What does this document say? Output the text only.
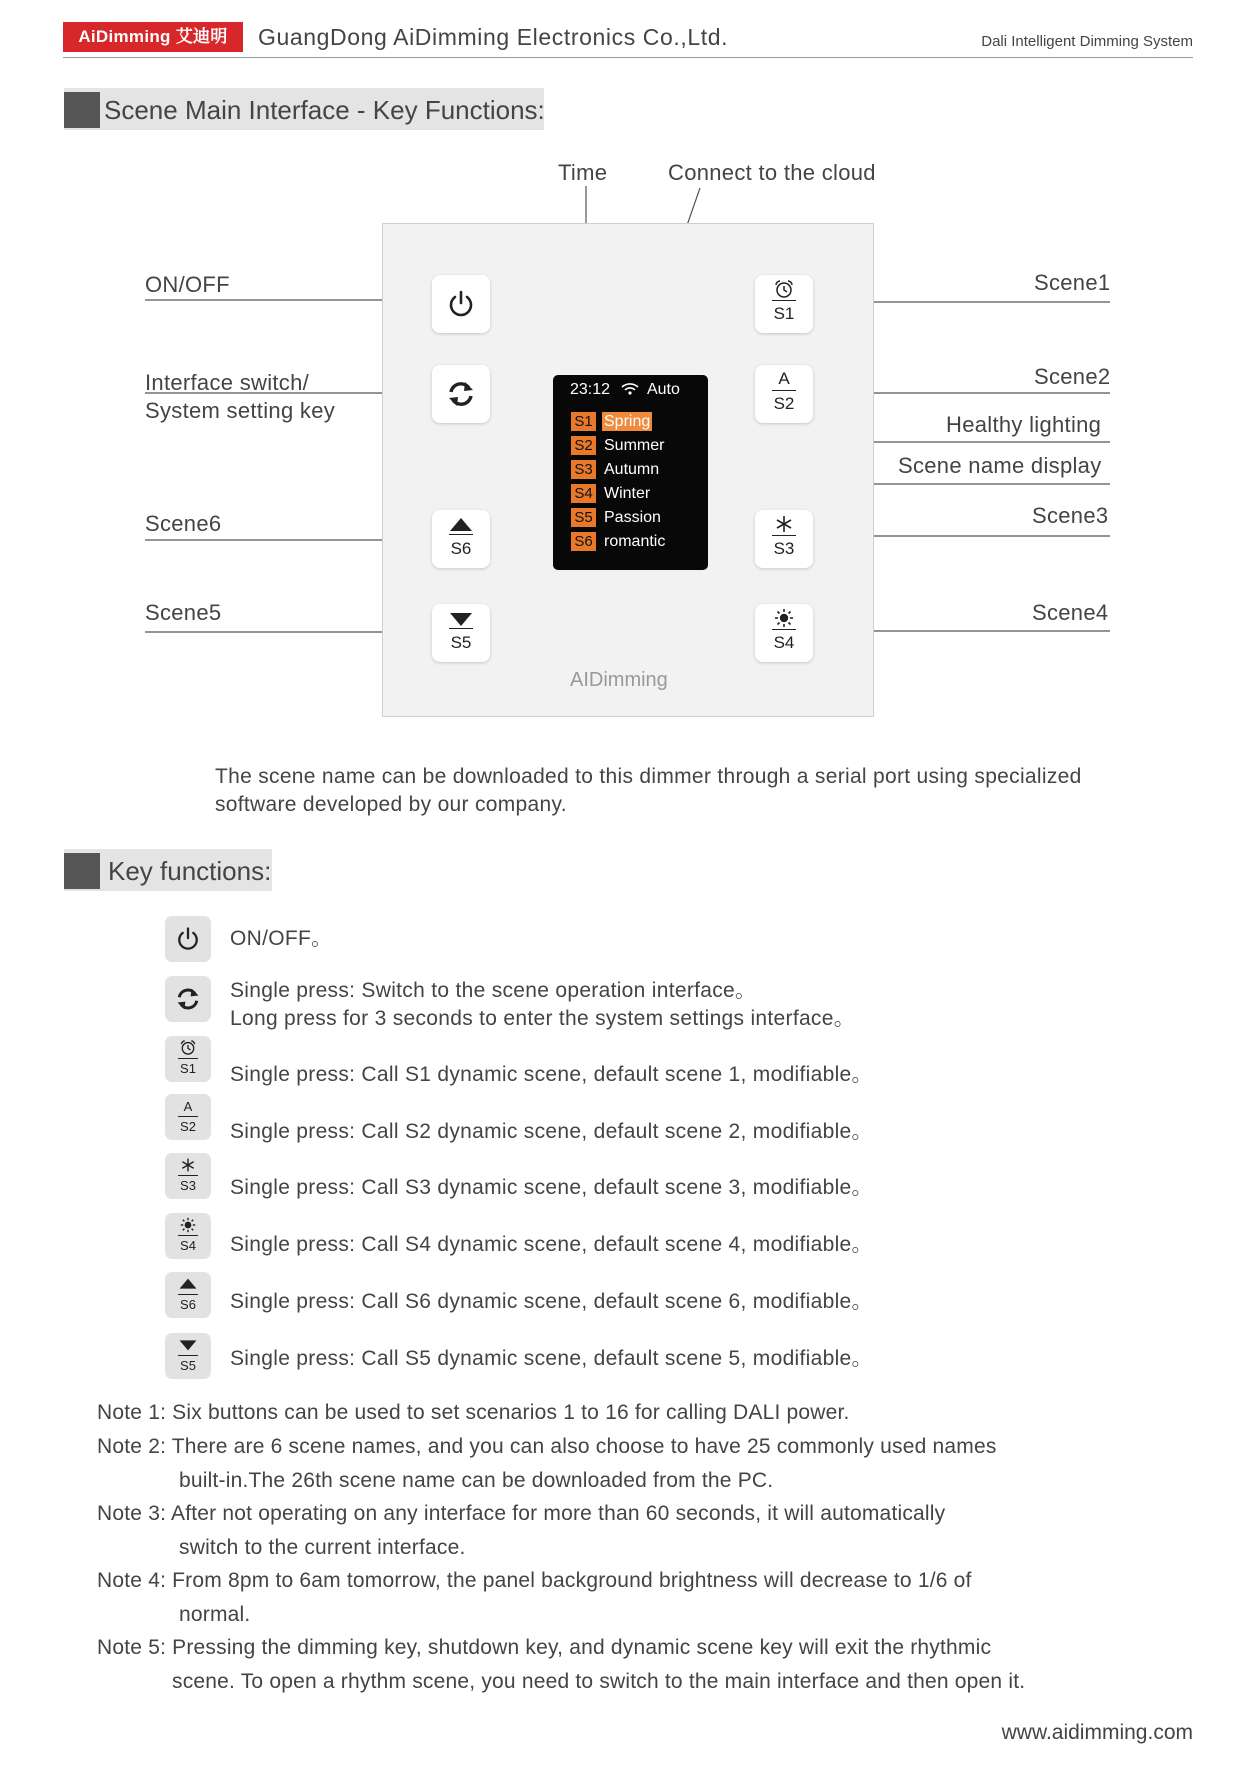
AiDimming 艾迪明	GuangDong AiDimming Electronics Co.,Ltd.	Dali Intelligent Dimming System
Scene Main Interface - Key Functions:
Time	Connect to the cloud
ON/OFF
Interface switch/
System setting key
Scene6
Scene5
Scene1
Scene2
Healthy lighting
Scene name display
Scene3
Scene4
S6
S5
S1
A
S2
S3
S4
23:12 Auto
S1 Spring
S2 Summer
S3 Autumn
S4 Winter
S5 Passion
S6 romantic
AIDimming
The scene name can be downloaded to this dimmer through a serial port using specialized software developed by our company.
Key functions:
ON/OFF。
Single press: Switch to the scene operation interface。
Long press for 3 seconds to enter the system settings interface。
S1	Single press: Call S1 dynamic scene, default scene 1, modifiable。
A
S2	Single press: Call S2 dynamic scene, default scene 2, modifiable。
S3	Single press: Call S3 dynamic scene, default scene 3, modifiable。
S4	Single press: Call S4 dynamic scene, default scene 4, modifiable。
S6	Single press: Call S6 dynamic scene, default scene 6, modifiable。
S5	Single press: Call S5 dynamic scene, default scene 5, modifiable。
Note 1: Six buttons can be used to set scenarios 1 to 16 for calling DALI power.
Note 2: There are 6 scene names, and you can also choose to have 25 commonly used names
built-in.The 26th scene name can be downloaded from the PC.
Note 3: After not operating on any interface for more than 60 seconds, it will automatically
switch to the current interface.
Note 4: From 8pm to 6am tomorrow, the panel background brightness will decrease to 1/6 of
normal.
Note 5: Pressing the dimming key, shutdown key, and dynamic scene key will exit the rhythmic
scene. To open a rhythm scene, you need to switch to the main interface and then open it.
www.aidimming.com
